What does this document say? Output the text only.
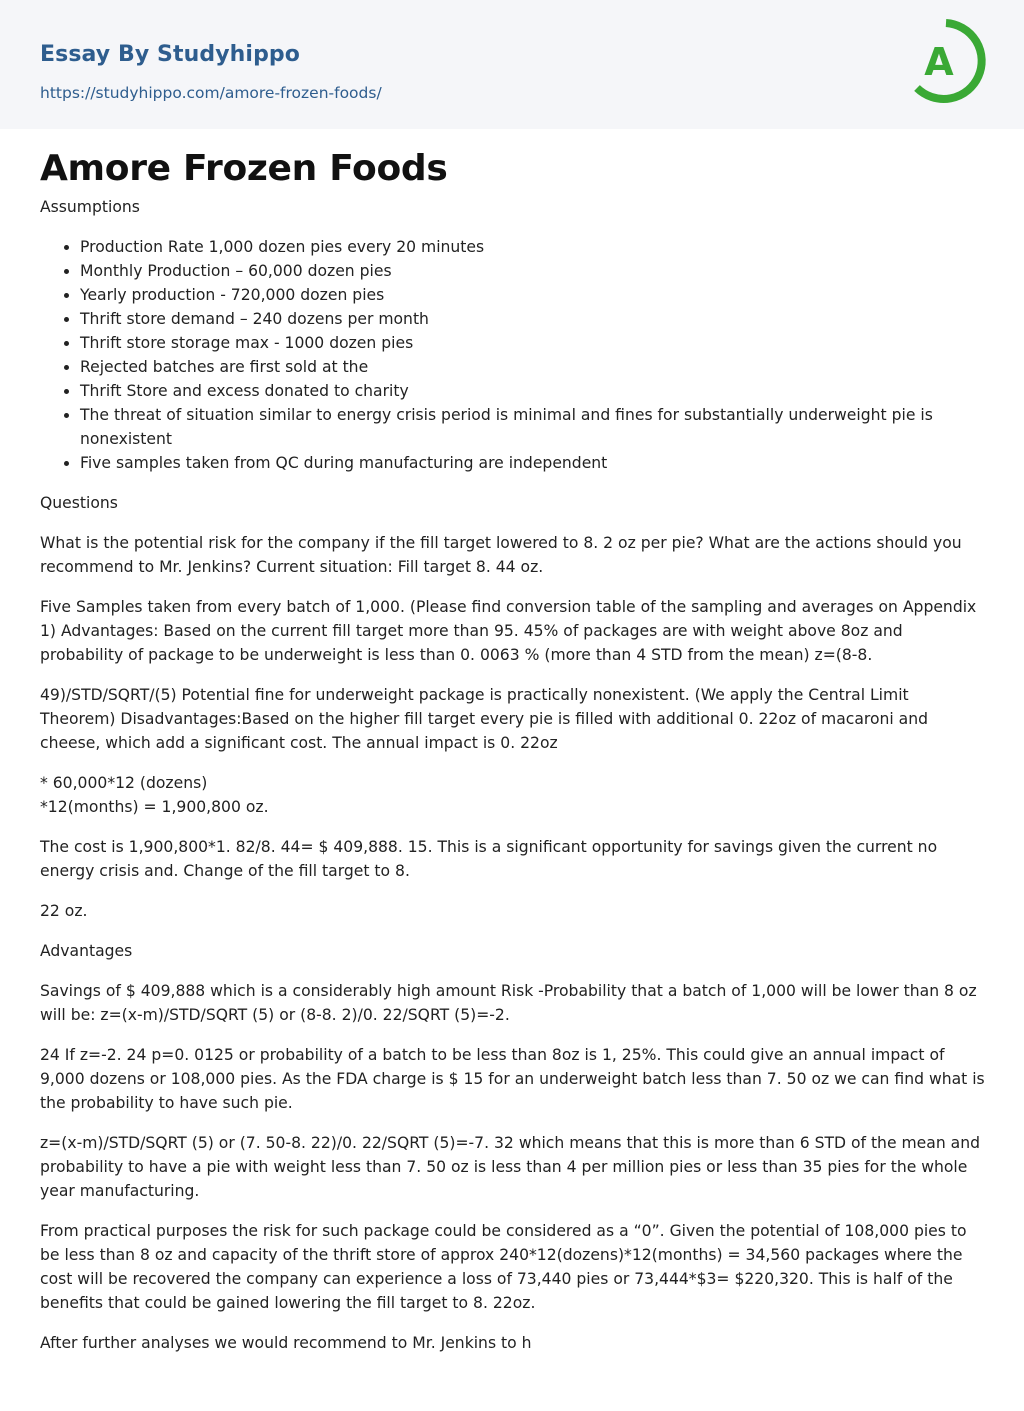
Essay By Studyhippo
https://studyhippo.com/amore-frozen-foods/
A
Amore Frozen Foods

Assumptions

• Production Rate 1,000 dozen pies every 20 minutes
• Monthly Production – 60,000 dozen pies
• Yearly production - 720,000 dozen pies
• Thrift store demand – 240 dozens per month
• Thrift store storage max - 1000 dozen pies
• Rejected batches are first sold at the
• Thrift Store and excess donated to charity
• The threat of situation similar to energy crisis period is minimal and fines for substantially underweight pie is nonexistent
• Five samples taken from QC during manufacturing are independent

Questions

What is the potential risk for the company if the fill target lowered to 8. 2 oz per pie? What are the actions should you recommend to Mr. Jenkins? Current situation: Fill target 8. 44 oz.

Five Samples taken from every batch of 1,000. (Please find conversion table of the sampling and averages on Appendix 1) Advantages: Based on the current fill target more than 95. 45% of packages are with weight above 8oz and probability of package to be underweight is less than 0. 0063 % (more than 4 STD from the mean) z=(8-8.

49)/STD/SQRT/(5) Potential fine for underweight package is practically nonexistent. (We apply the Central Limit Theorem) Disadvantages:Based on the higher fill target every pie is filled with additional 0. 22oz of macaroni and cheese, which add a significant cost. The annual impact is 0. 22oz

* 60,000*12 (dozens)

*12(months) = 1,900,800 oz.

The cost is 1,900,800*1. 82/8. 44= $ 409,888. 15. This is a significant opportunity for savings given the current no energy crisis and. Change of the fill target to 8.

22 oz.

Advantages

Savings of $ 409,888 which is a considerably high amount Risk -Probability that a batch of 1,000 will be lower than 8 oz will be: z=(x-m)/STD/SQRT (5) or (8-8. 2)/0. 22/SQRT (5)=-2.

24 If z=-2. 24 p=0. 0125 or probability of a batch to be less than 8oz is 1, 25%. This could give an annual impact of 9,000 dozens or 108,000 pies. As the FDA charge is $ 15 for an underweight batch less than 7. 50 oz we can find what is the probability to have such pie.

z=(x-m)/STD/SQRT (5) or (7. 50-8. 22)/0. 22/SQRT (5)=-7. 32 which means that this is more than 6 STD of the mean and probability to have a pie with weight less than 7. 50 oz is less than 4 per million pies or less than 35 pies for the whole year manufacturing.

From practical purposes the risk for such package could be considered as a “0”. Given the potential of 108,000 pies to be less than 8 oz and capacity of the thrift store of approx 240*12(dozens)*12(months) = 34,560 packages where the cost will be recovered the company can experience a loss of 73,440 pies or 73,444*$3= $220,320. This is half of the benefits that could be gained lowering the fill target to 8. 22oz.

After further analyses we would recommend to Mr. Jenkins to h
